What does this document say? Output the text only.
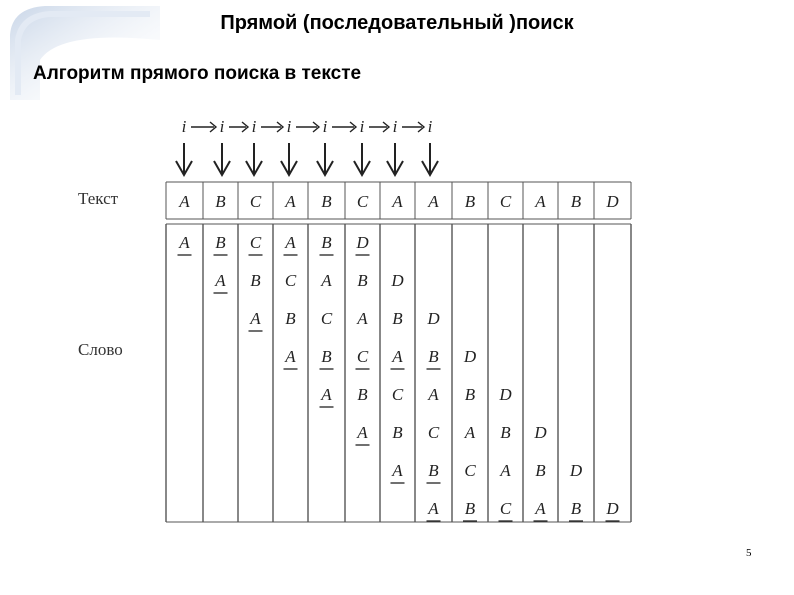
Прямой (последовательный )поиск
Алгоритм прямого поиска в тексте
Текст
Слово
A B C A B C A A B C A B D
A B C A B D
A B C A B D
A B C A B D
A B C A B D
A B C A B D
A B C A B D
A B C A B D
A B C A B D
i i i i i i i i
5
